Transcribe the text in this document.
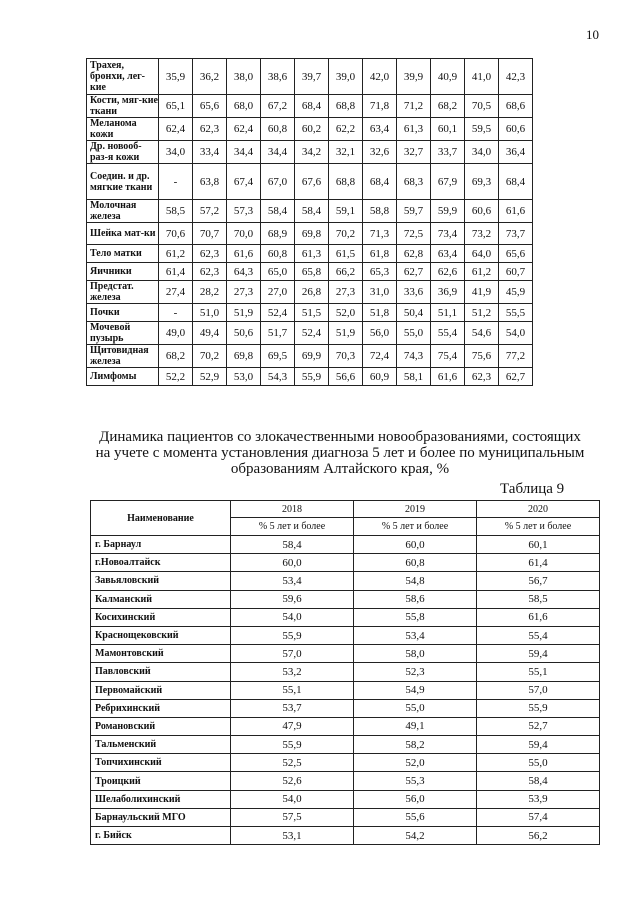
10
Трахея, бронхи, лег-кие	35,9	36,2	38,0	38,6	39,7	39,0	42,0	39,9	40,9	41,0	42,3
Кости, мяг-кие ткани	65,1	65,6	68,0	67,2	68,4	68,8	71,8	71,2	68,2	70,5	68,6
Меланома кожи	62,4	62,3	62,4	60,8	60,2	62,2	63,4	61,3	60,1	59,5	60,6
Др. новооб-раз-я кожи	34,0	33,4	34,4	34,4	34,2	32,1	32,6	32,7	33,7	34,0	36,4
Соедин. и др. мягкие ткани	-	63,8	67,4	67,0	67,6	68,8	68,4	68,3	67,9	69,3	68,4
Молочная железа	58,5	57,2	57,3	58,4	58,4	59,1	58,8	59,7	59,9	60,6	61,6
Шейка мат-ки	70,6	70,7	70,0	68,9	69,8	70,2	71,3	72,5	73,4	73,2	73,7
Тело матки	61,2	62,3	61,6	60,8	61,3	61,5	61,8	62,8	63,4	64,0	65,6
Яичники	61,4	62,3	64,3	65,0	65,8	66,2	65,3	62,7	62,6	61,2	60,7
Предстат. железа	27,4	28,2	27,3	27,0	26,8	27,3	31,0	33,6	36,9	41,9	45,9
Почки	-	51,0	51,9	52,4	51,5	52,0	51,8	50,4	51,1	51,2	55,5
Мочевой пузырь	49,0	49,4	50,6	51,7	52,4	51,9	56,0	55,0	55,4	54,6	54,0
Щитовидная железа	68,2	70,2	69,8	69,5	69,9	70,3	72,4	74,3	75,4	75,6	77,2
Лимфомы	52,2	52,9	53,0	54,3	55,9	56,6	60,9	58,1	61,6	62,3	62,7
Динамика пациентов со злокачественными новообразованиями, состоящих на учете с момента установления диагноза 5 лет и более по муниципальным образованиям Алтайского края, %
Таблица 9
Наименование	2018	2019	2020
	% 5 лет и более	% 5 лет и более	% 5 лет и более
г. Барнаул	58,4	60,0	60,1
г.Новоалтайск	60,0	60,8	61,4
Завьяловский	53,4	54,8	56,7
Калманский	59,6	58,6	58,5
Косихинский	54,0	55,8	61,6
Краснощековский	55,9	53,4	55,4
Мамонтовский	57,0	58,0	59,4
Павловский	53,2	52,3	55,1
Первомайский	55,1	54,9	57,0
Ребрихинский	53,7	55,0	55,9
Романовский	47,9	49,1	52,7
Тальменский	55,9	58,2	59,4
Топчихинский	52,5	52,0	55,0
Троицкий	52,6	55,3	58,4
Шелаболихинский	54,0	56,0	53,9
Барнаульский МГО	57,5	55,6	57,4
г. Бийск	53,1	54,2	56,2
